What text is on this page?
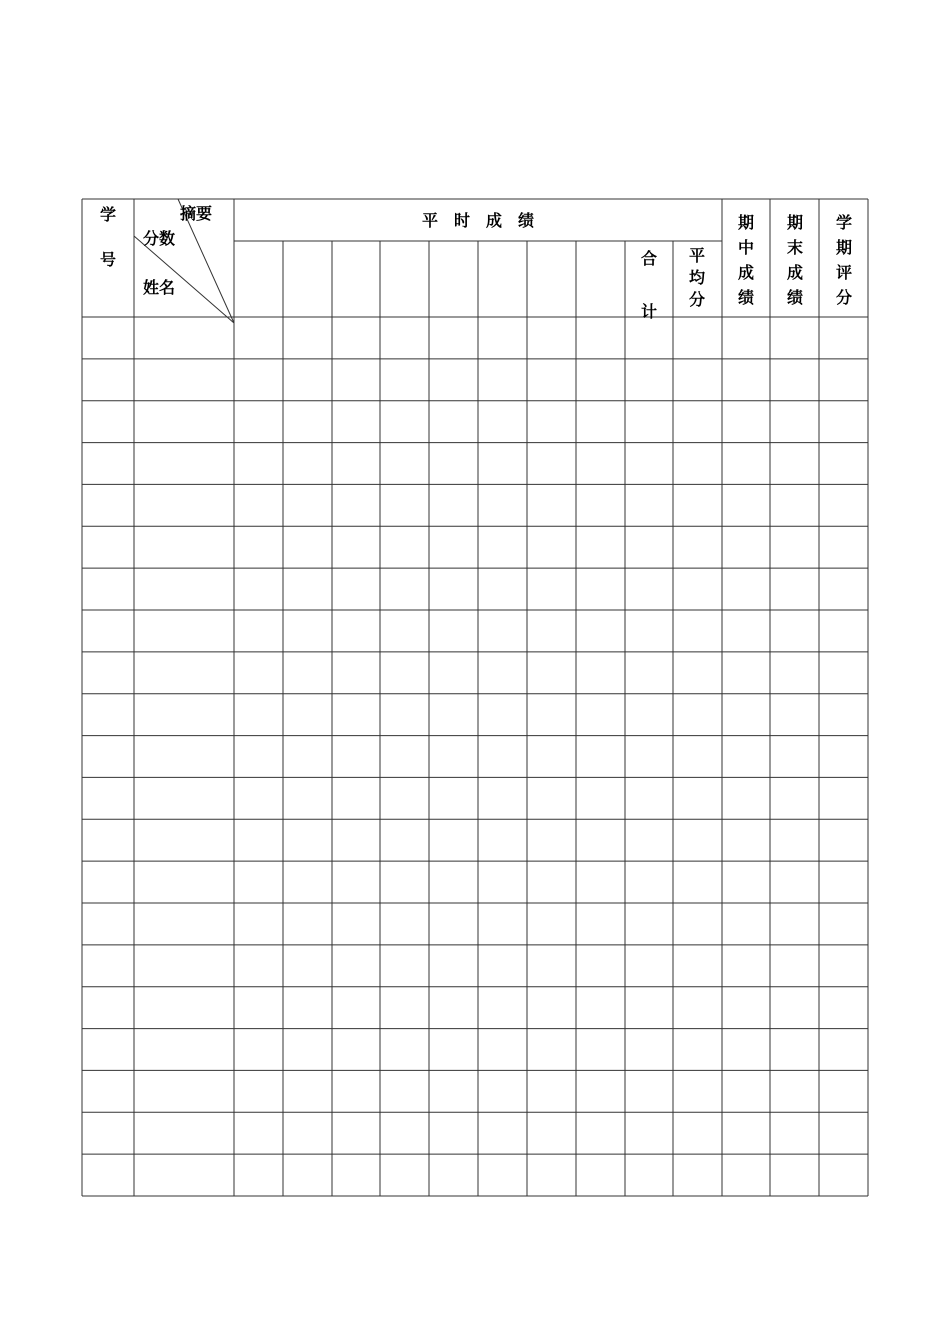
学
号
摘要
分数
姓名
平　时　成　绩
合
计
平
均
分
期
中
成
绩
期
末
成
绩
学
期
评
分
